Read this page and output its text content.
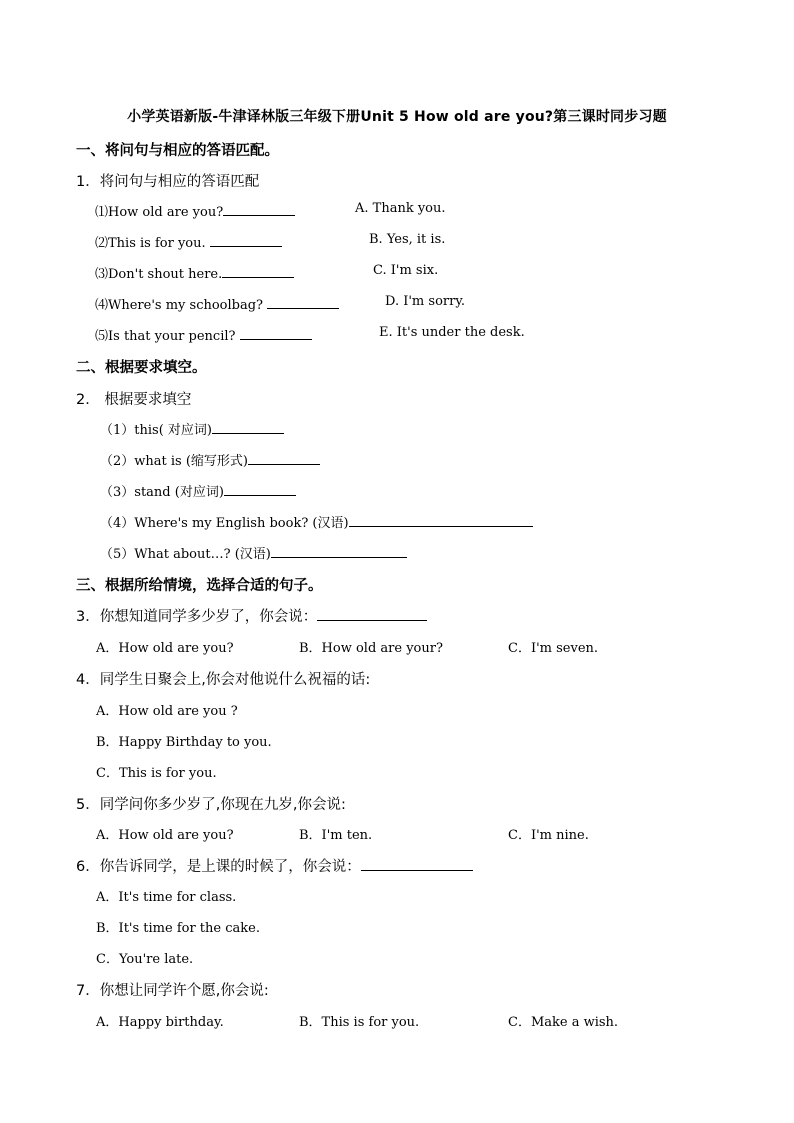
小学英语新版-牛津译林版三年级下册Unit 5 How old are you?第三课时同步习题
一、将问句与相应的答语匹配。
1．将问句与相应的答语匹配
⑴How old are you?	A. Thank you.
⑵This is for you.	B. Yes, it is.
⑶Don't shout here.	C. I'm six.
⑷Where's my schoolbag?	D. I'm sorry.
⑸Is that your pencil?	E. It's under the desk.
二、根据要求填空。
2． 根据要求填空
（1）this( 对应词)
（2）what is (缩写形式)
（3）stand (对应词)
（4）Where's my English book? (汉语)
（5）What about…? (汉语)
三、根据所给情境，选择合适的句子。
3．你想知道同学多少岁了，你会说：
A．How old are you?	B．How old are your?	C．I'm seven.
4．同学生日聚会上,你会对他说什么祝福的话:
A．How old are you ?
B．Happy Birthday to you.
C．This is for you.
5．同学问你多少岁了,你现在九岁,你会说:
A．How old are you?	B．I'm ten.	C．I'm nine.
6．你告诉同学，是上课的时候了，你会说：
A．It's time for class.
B．It's time for the cake.
C．You're late.
7．你想让同学许个愿,你会说:
A．Happy birthday.	B．This is for you.	C．Make a wish.
